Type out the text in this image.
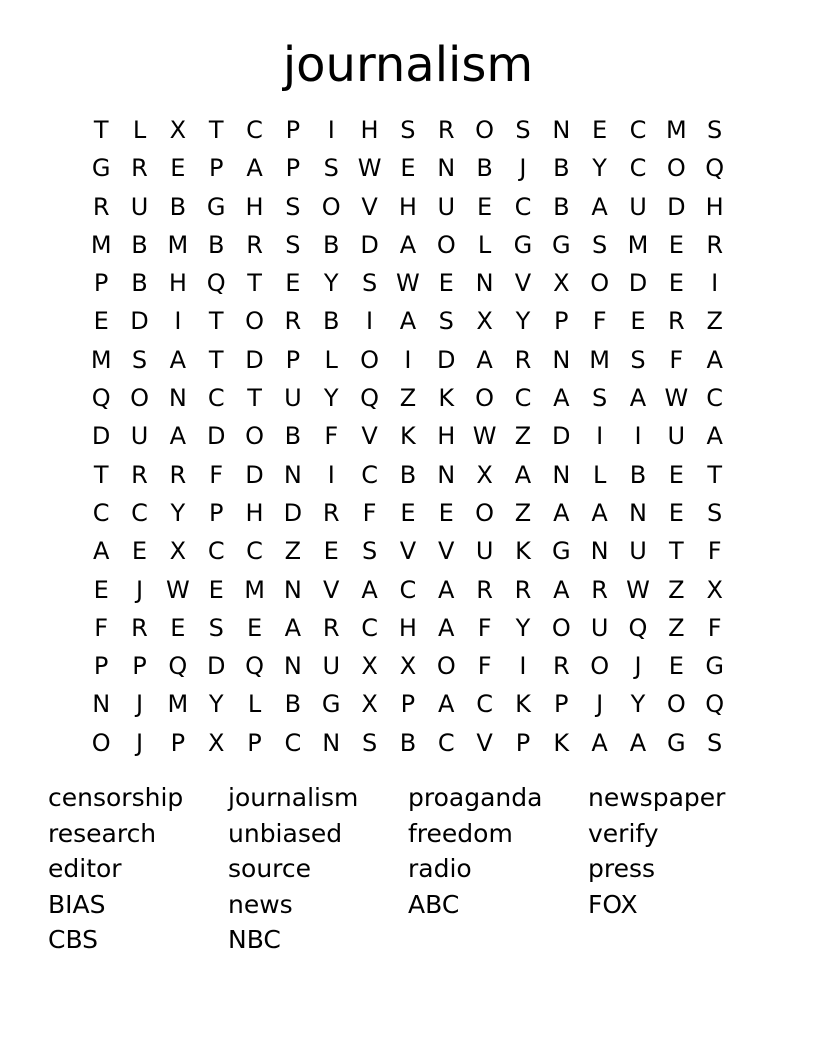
journalism
T	L X T C P	I	H S R O S N E C M S
G R E P A P S W E N B	J	B Y C O Q
R U B G H S O V H U E C B A U D H
M B M B R S B D A O L G G S M E R
P B H Q T E Y S W E N V X O D E	I
E D	I	T O R B	I	A S X Y P	F E R Z
M S A T D P	L O	I	D A R N M S F A
Q O N C T U Y Q Z K O C A S A W C
D U A D O B F V K H W Z D	I	I	U A
T R R F D N	I	C B N X A N L B E T
C C Y P H D R F E E O Z A A N E S
A E X C C Z E S V V U K G N U T	F
E	J W E M N V A C A R R A R W Z X
F R E S E A R C H A F	Y O U Q Z F
P P Q D Q N U X X O F	I	R O	J	E G
N	J	M Y	L B G X P A C K P	J	Y O Q
O	J	P X P C N S B C V P K A A G S
censorship	journalism	proaganda	newspaper
research	unbiased	freedom	verify
editor	source	radio	press
BIAS	news	ABC	FOX
CBS	NBC
